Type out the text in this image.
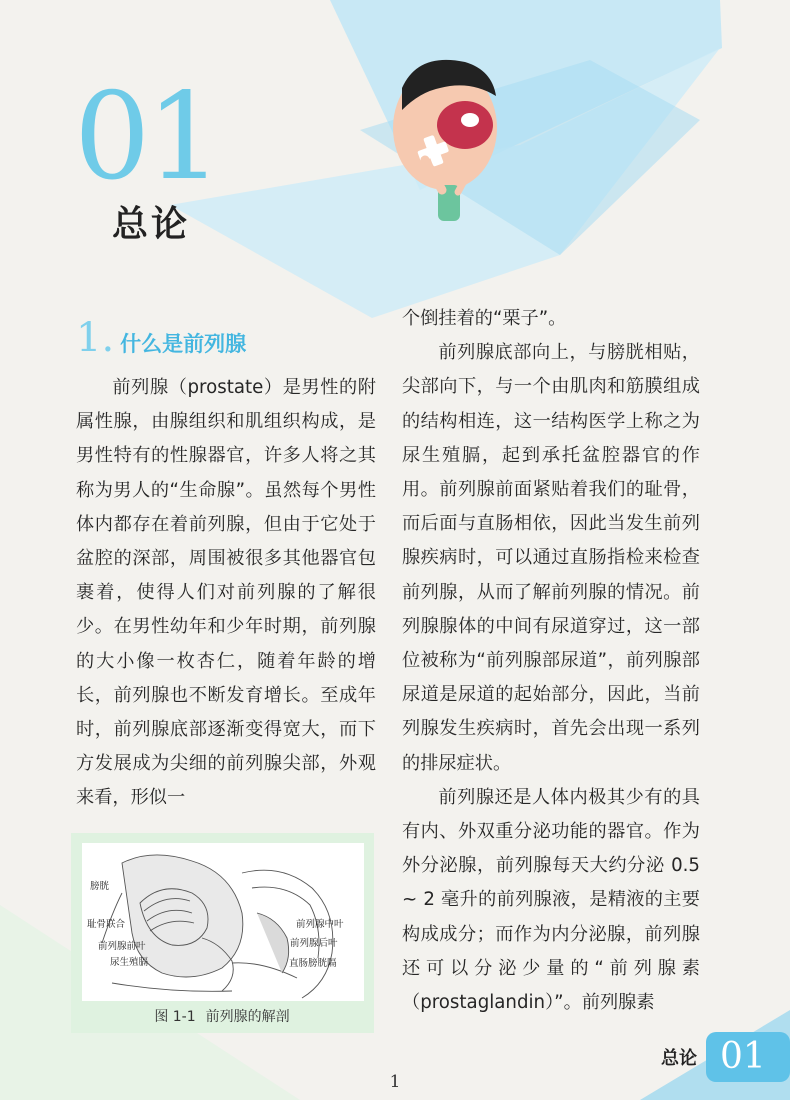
01
总论
1. 什么是前列腺

前列腺（prostate）是男性的附属性腺，由腺组织和肌组织构成，是男性特有的性腺器官，许多人将之其称为男人的“生命腺”。虽然每个男性体内都存在着前列腺，但由于它处于盆腔的深部，周围被很多其他器官包裹着，使得人们对前列腺的了解很少。在男性幼年和少年时期，前列腺的大小像一枚杏仁，随着年龄的增长，前列腺也不断发育增长。至成年时，前列腺底部逐渐变得宽大，而下方发展成为尖细的前列腺尖部，外观来看，形似一

个倒挂着的“栗子”。

前列腺底部向上，与膀胱相贴，尖部向下，与一个由肌肉和筋膜组成的结构相连，这一结构医学上称之为尿生殖膈，起到承托盆腔器官的作用。前列腺前面紧贴着我们的耻骨，而后面与直肠相依，因此当发生前列腺疾病时，可以通过直肠指检来检查前列腺，从而了解前列腺的情况。前列腺腺体的中间有尿道穿过，这一部位被称为“前列腺部尿道”，前列腺部尿道是尿道的起始部分，因此，当前列腺发生疾病时，首先会出现一系列的排尿症状。

前列腺还是人体内极其少有的具有内、外双重分泌功能的器官。作为外分泌腺，前列腺每天大约分泌 0.5 ~ 2 毫升的前列腺液，是精液的主要构成成分；而作为内分泌腺，前列腺还可以分泌少量的“前列腺素（prostaglandin）”。前列腺素

膀胱
耻骨联合
前列腺前叶
尿生殖膈
前列腺中叶
前列腺后叶
直肠膀胱隔
图 1-1 前列腺的解剖
总论 01
1
